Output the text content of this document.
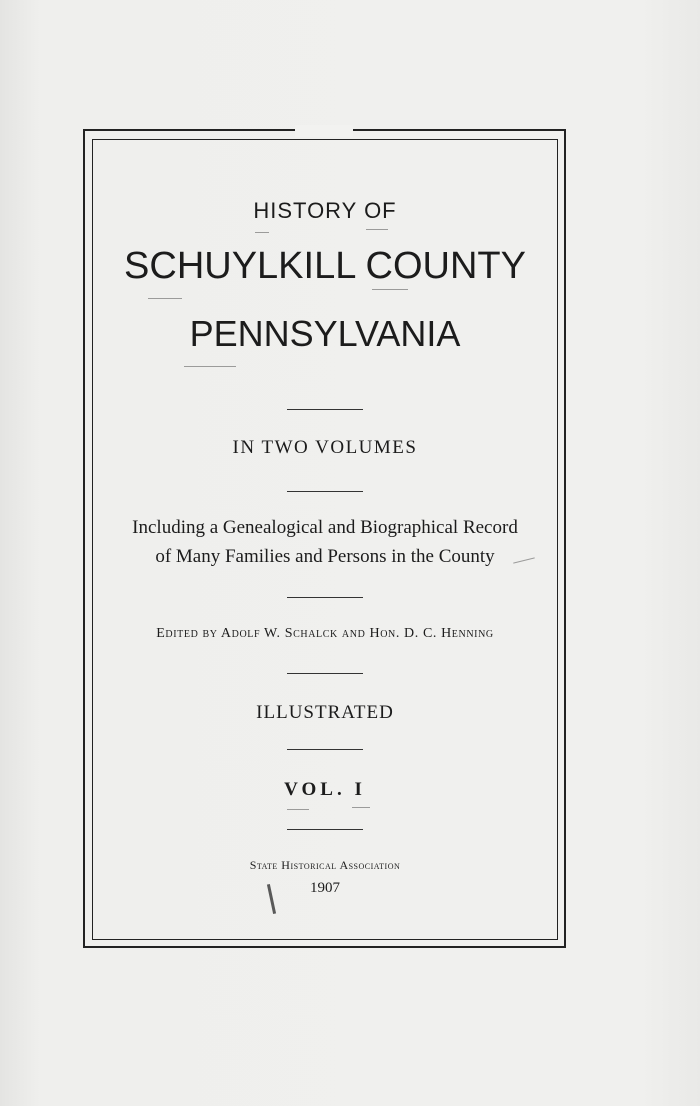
HISTORY OF
SCHUYLKILL COUNTY
PENNSYLVANIA
IN TWO VOLUMES
Including a Genealogical and Biographical Record
of Many Families and Persons in the County
Edited by Adolf W. Schalck and Hon. D. C. Henning
ILLUSTRATED
VOL. I
State Historical Association
1907
